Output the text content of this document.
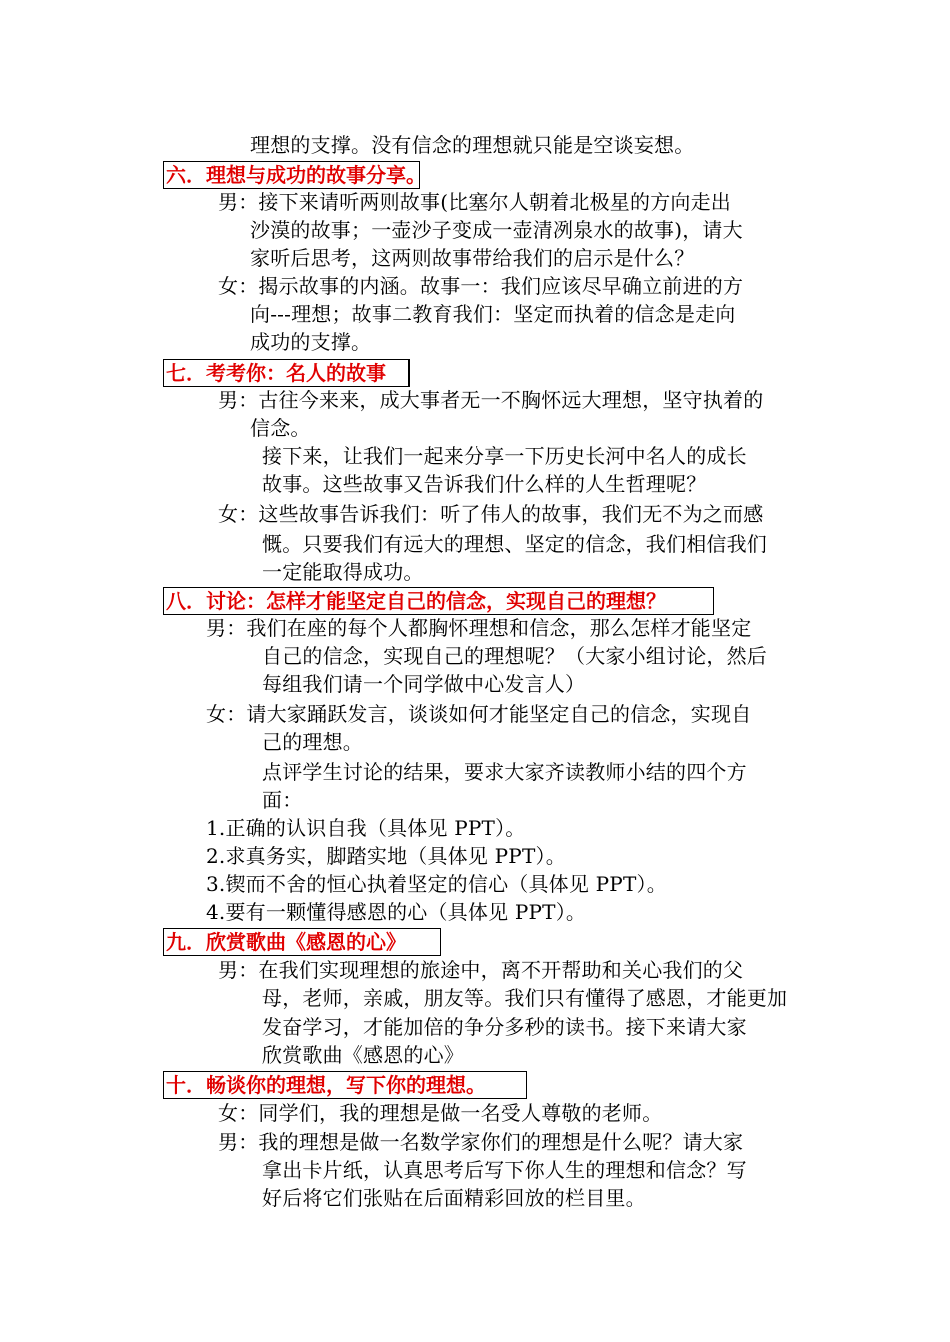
理想的支撑。没有信念的理想就只能是空谈妄想。
六．理想与成功的故事分享。
男：接下来请听两则故事(比塞尔人朝着北极星的方向走出
沙漠的故事；一壶沙子变成一壶清冽泉水的故事)，请大
家听后思考，这两则故事带给我们的启示是什么？
女：揭示故事的内涵。故事一：我们应该尽早确立前进的方
向---理想；故事二教育我们：坚定而执着的信念是走向
成功的支撑。
七．考考你：名人的故事
男：古往今来来，成大事者无一不胸怀远大理想，坚守执着的
信念。
接下来，让我们一起来分享一下历史长河中名人的成长
故事。这些故事又告诉我们什么样的人生哲理呢？
女：这些故事告诉我们：听了伟人的故事，我们无不为之而感
慨。只要我们有远大的理想、坚定的信念，我们相信我们
一定能取得成功。
八．讨论：怎样才能坚定自己的信念，实现自己的理想？
男：我们在座的每个人都胸怀理想和信念，那么怎样才能坚定
自己的信念，实现自己的理想呢？（大家小组讨论，然后
每组我们请一个同学做中心发言人）
女：请大家踊跃发言，谈谈如何才能坚定自己的信念，实现自
己的理想。
点评学生讨论的结果，要求大家齐读教师小结的四个方
面：
1.正确的认识自我（具体见 PPT）。
2.求真务实，脚踏实地（具体见 PPT）。
3.锲而不舍的恒心执着坚定的信心（具体见 PPT）。
4.要有一颗懂得感恩的心（具体见 PPT）。
九．欣赏歌曲《感恩的心》
男：在我们实现理想的旅途中，离不开帮助和关心我们的父
母，老师，亲戚，朋友等。我们只有懂得了感恩，才能更加
发奋学习，才能加倍的争分多秒的读书。接下来请大家
欣赏歌曲《感恩的心》
十．畅谈你的理想，写下你的理想。
女：同学们，我的理想是做一名受人尊敬的老师。
男：我的理想是做一名数学家你们的理想是什么呢？请大家
拿出卡片纸，认真思考后写下你人生的理想和信念？写
好后将它们张贴在后面精彩回放的栏目里。
